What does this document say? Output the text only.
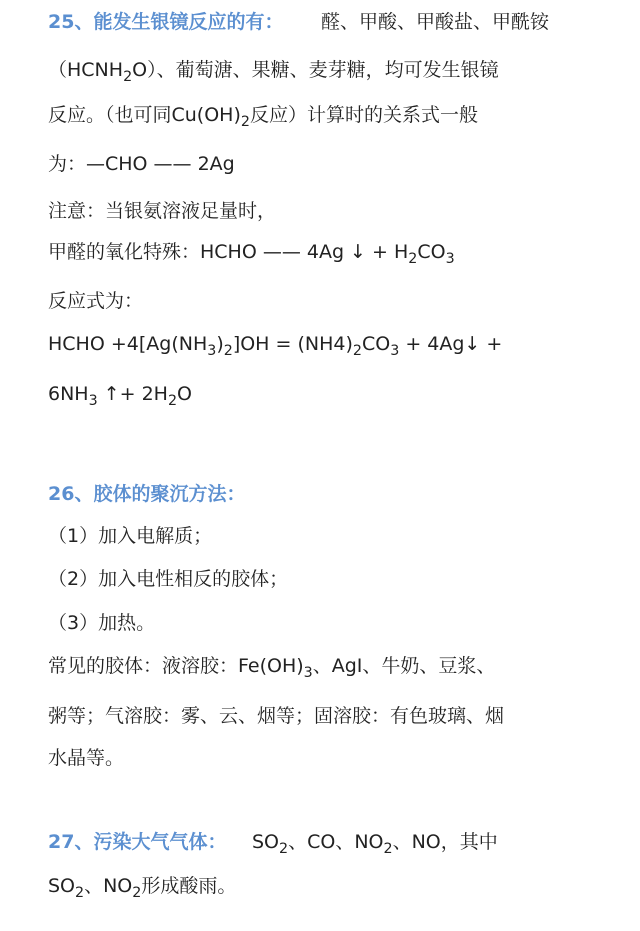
25、能发生银镜反应的有： 醛、甲酸、甲酸盐、甲酰铵
$(HCNH_2O)$、葡萄溏、果糖、麦芽糖，均可发生银镜
反应。（也可同$Cu(OH)_2$反应）计算时的关系式一般
为：—CHO —— 2Ag
注意：当银氨溶液足量时，
甲醛的氧化特殊：HCHO —— 4Ag ↓ + $H_2CO_3$
反应式为：
HCHO $+4[Ag(NH_3)_2]OH = (NH4)_2CO_3$ + 4Ag↓ +
$6NH_3$ ↑+ $2H_2O$
26、胶体的聚沉方法：
（1）加入电解质；
（2）加入电性相反的胶体；
（3）加热。
常见的胶体：液溶胶：$Fe(OH)_3$、AgI、牛奶、豆浆、
粥等；气溶胶：雾、云、烟等；固溶胶：有色玻璃、烟
水晶等。
27、污染大气气体： $SO_2$、CO、$NO_2$、NO，其中
$SO_2$、$NO_2$形成酸雨。
